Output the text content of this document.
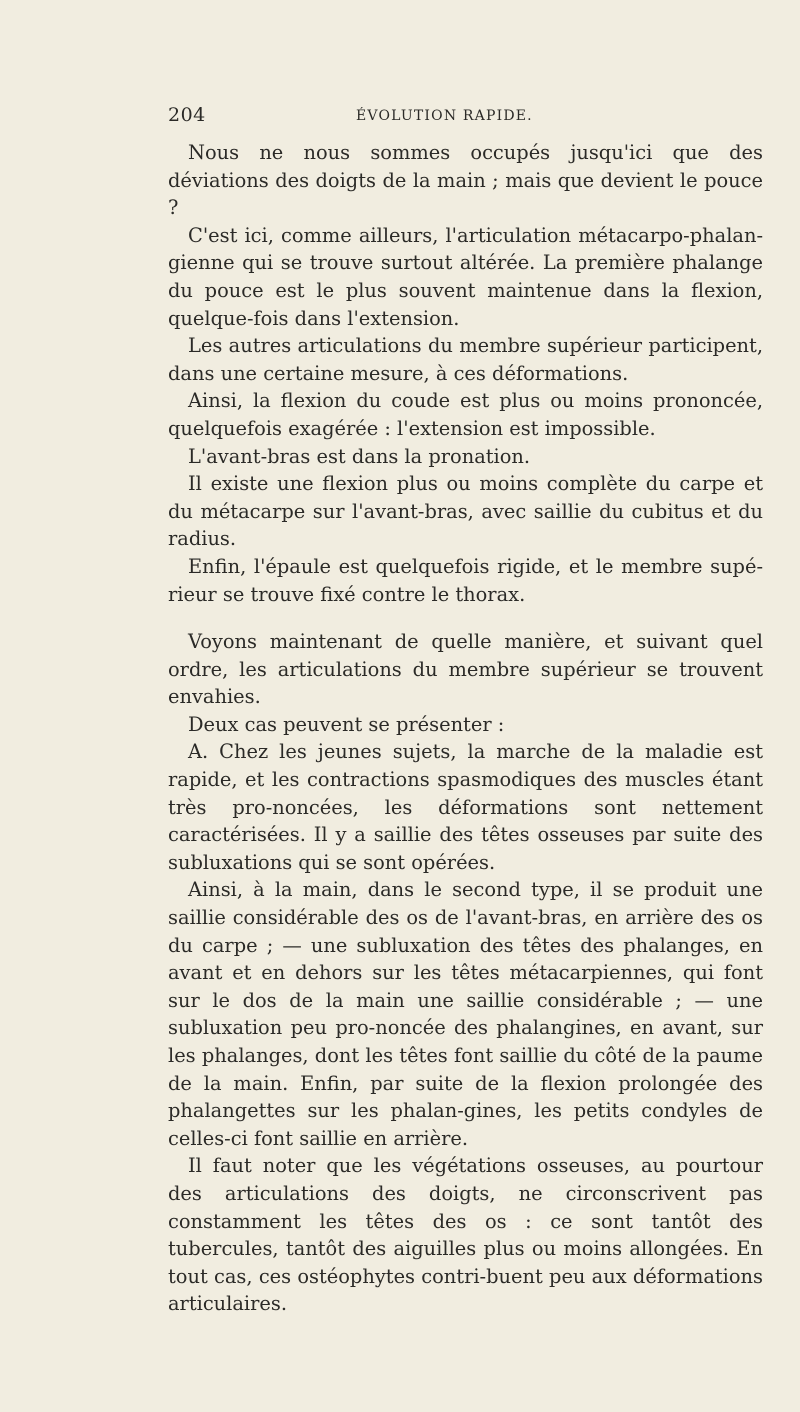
204	ÉVOLUTION RAPIDE.

Nous ne nous sommes occupés jusqu'ici que des déviations des doigts de la main ; mais que devient le pouce ?

C'est ici, comme ailleurs, l'articulation métacarpo-phalan-gienne qui se trouve surtout altérée. La première phalange du pouce est le plus souvent maintenue dans la flexion, quelque-fois dans l'extension.

Les autres articulations du membre supérieur participent, dans une certaine mesure, à ces déformations.

Ainsi, la flexion du coude est plus ou moins prononcée, quelquefois exagérée : l'extension est impossible.

L'avant-bras est dans la pronation.

Il existe une flexion plus ou moins complète du carpe et du métacarpe sur l'avant-bras, avec saillie du cubitus et du radius.

Enfin, l'épaule est quelquefois rigide, et le membre supé-rieur se trouve fixé contre le thorax.

Voyons maintenant de quelle manière, et suivant quel ordre, les articulations du membre supérieur se trouvent envahies.

Deux cas peuvent se présenter :

A. Chez les jeunes sujets, la marche de la maladie est rapide, et les contractions spasmodiques des muscles étant très pro-noncées, les déformations sont nettement caractérisées. Il y a saillie des têtes osseuses par suite des subluxations qui se sont opérées.

Ainsi, à la main, dans le second type, il se produit une saillie considérable des os de l'avant-bras, en arrière des os du carpe ; — une subluxation des têtes des phalanges, en avant et en dehors sur les têtes métacarpiennes, qui font sur le dos de la main une saillie considérable ; — une subluxation peu pro-noncée des phalangines, en avant, sur les phalanges, dont les têtes font saillie du côté de la paume de la main. Enfin, par suite de la flexion prolongée des phalangettes sur les phalan-gines, les petits condyles de celles-ci font saillie en arrière.

Il faut noter que les végétations osseuses, au pourtour des articulations des doigts, ne circonscrivent pas constamment les têtes des os : ce sont tantôt des tubercules, tantôt des aiguilles plus ou moins allongées. En tout cas, ces ostéophytes contri-buent peu aux déformations articulaires.
